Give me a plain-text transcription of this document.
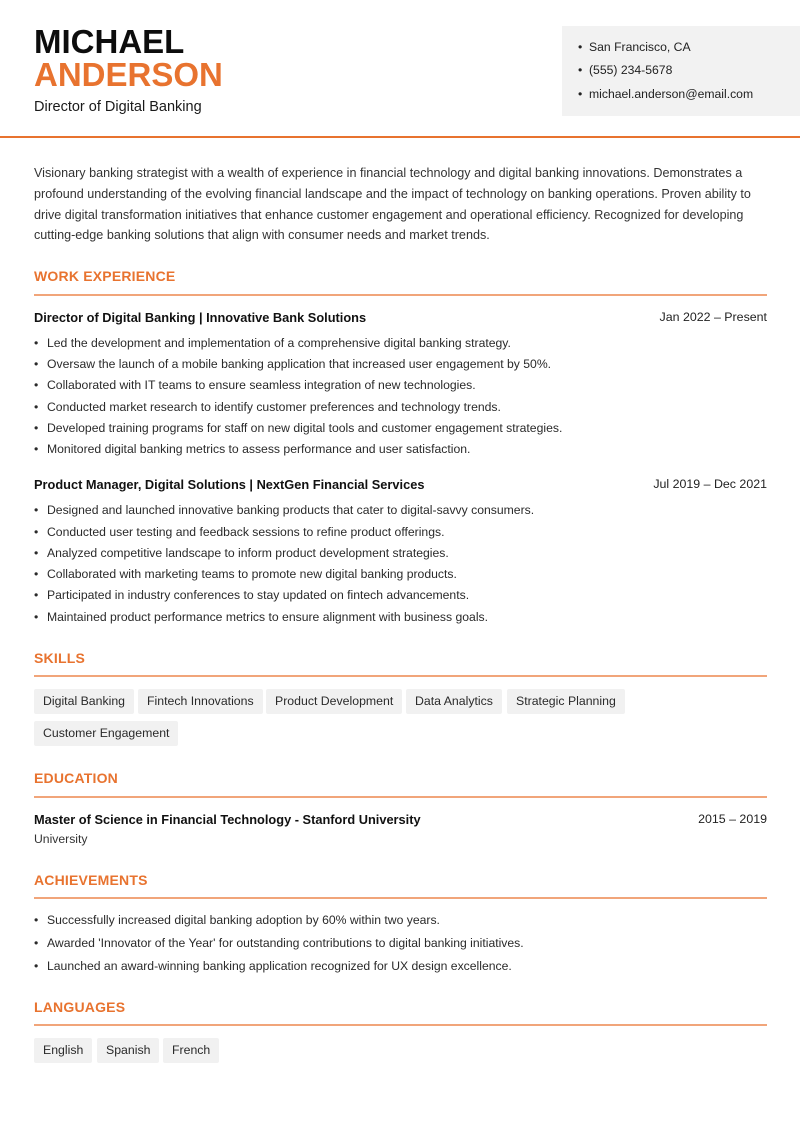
MICHAEL
ANDERSON
Director of Digital Banking
• San Francisco, CA
• (555) 234-5678
• michael.anderson@email.com
Visionary banking strategist with a wealth of experience in financial technology and digital banking innovations. Demonstrates a profound understanding of the evolving financial landscape and the impact of technology on banking operations. Proven ability to drive digital transformation initiatives that enhance customer engagement and operational efficiency. Recognized for developing cutting-edge banking solutions that align with consumer needs and market trends.
WORK EXPERIENCE
Director of Digital Banking | Innovative Bank Solutions	Jan 2022 – Present
• Led the development and implementation of a comprehensive digital banking strategy.
• Oversaw the launch of a mobile banking application that increased user engagement by 50%.
• Collaborated with IT teams to ensure seamless integration of new technologies.
• Conducted market research to identify customer preferences and technology trends.
• Developed training programs for staff on new digital tools and customer engagement strategies.
• Monitored digital banking metrics to assess performance and user satisfaction.
Product Manager, Digital Solutions | NextGen Financial Services	Jul 2019 – Dec 2021
• Designed and launched innovative banking products that cater to digital-savvy consumers.
• Conducted user testing and feedback sessions to refine product offerings.
• Analyzed competitive landscape to inform product development strategies.
• Collaborated with marketing teams to promote new digital banking products.
• Participated in industry conferences to stay updated on fintech advancements.
• Maintained product performance metrics to ensure alignment with business goals.
SKILLS
Digital Banking	Fintech Innovations	Product Development	Data Analytics	Strategic Planning
Customer Engagement
EDUCATION
Master of Science in Financial Technology - Stanford University	2015 – 2019
University
ACHIEVEMENTS
• Successfully increased digital banking adoption by 60% within two years.
• Awarded 'Innovator of the Year' for outstanding contributions to digital banking initiatives.
• Launched an award-winning banking application recognized for UX design excellence.
LANGUAGES
English	Spanish	French
